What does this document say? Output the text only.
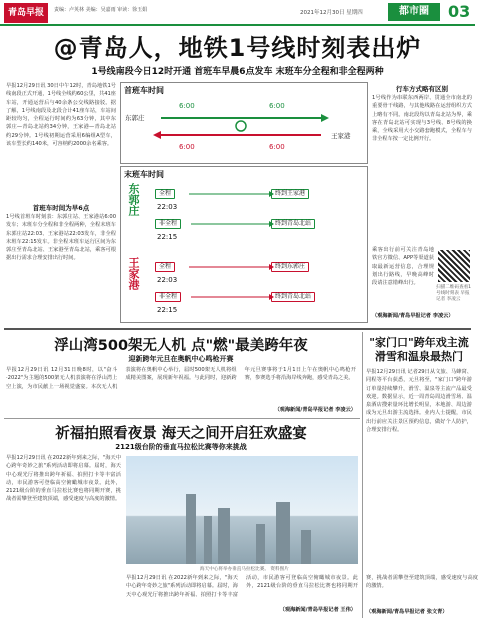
青岛早报	责编：卢英林 美编：吴嘉雨 审读：徐玉娟	2021年12月30日 星期四	都市圈	03
@青岛人，地铁1号线时刻表出炉
1号线南段今日12时开通 首班车早晨6点发车 末班车分全程和非全程两种
早报12月29日讯 30日中午12时，青岛地铁1号线南段正式开通，1号线全线约60公里，共41座车站，开通运营后与40余条公交线路接驳。据了解，1号线南段及北段合计41座车站，车站间距较均匀，全程运行时间约为63分钟，其中东郭庄—青岛北站约34分钟，王家港—青岛北站约29分钟。1号线初期运营采用6编组A型车，该车型长约140米，可容纳约2000余名乘客。
首班车时间为早6点
1号线首班车时刻表：东郭庄站、王家港站6:00发车；末班车分全程和非全程两种，全程末班车东郭庄站22:03、王家港站22:03发车，非全程末班车22:15发车。非全程末班车运行区间为东郭庄至青岛北站、王家港至青岛北站，乘客可根据出行需求合理安排出行时间。
首班车时间
东郭庄
王家港
6:00	6:00
6:00	6:00
末班车时间
东郭庄
王家港
全程
22:03
终到王家港
非全程
22:15
终到青岛北站
全程
22:03
终到东郭庄
非全程
22:15
终到青岛北站
行车方式略有区别
1号线作为串联东西两岸、贯通全市南北的重要骨干线路，与其他线路在运营组织方式上略有不同。南北段均以青岛北站为界，乘客在青岛北站可实现与3号线、8号线的换乘，全线采用大小交路套跑模式，全程车与非全程车按一定比例开行。
乘客出行前可关注青岛地铁官方微信、APP等渠道获取最新运营信息，合理规划出行路线，早晚高峰时段请注意错峰出行。
扫描二维码查看1号线时刻表 早报记者 李凌云
（观海新闻/青岛早报记者 李凌云）
浮山湾500架无人机 点"燃"最美跨年夜
迎新跨年元旦在奥帆中心鸣枪开赛
早报12月29日讯 12月31日晚8时，以"奋斗·2022"为主题的500架无人机表演将在浮山湾上空上演，为市民献上一场视觉盛宴。本次无人机表演将在奥帆中心举行，届时500架无人机将组成精美图案，展现新年祝福。与此同时，迎新跨年元旦赛事将于1月1日上午在奥帆中心鸣枪开赛，参赛选手将沿海岸线奔跑，感受青岛之美。
（观海新闻/青岛早报记者 李凌云）
祈福拍照看夜景 海天之间开启狂欢盛宴
2121级台阶的垂直马拉松比赛等你来挑战
早报12月29日讯 在2022新年到来之际，"海天中心跨年奇妙之旅"系列活动即将启幕。届时，海天中心观光厅将推出跨年祈福、拍照打卡等丰富活动，市民游客可登临高空俯瞰城市夜景。此外，2121级台阶的垂直马拉松比赛也将同期开赛，挑战者需攀登至建筑顶端，感受速度与高度的激情。
海天中心将举办垂直马拉松比赛。 资料图片
早报12月29日讯 在2022新年到来之际，"海天中心跨年奇妙之旅"系列活动即将启幕。届时，海天中心观光厅将推出跨年祈福、拍照打卡等丰富活动，市民游客可登临高空俯瞰城市夜景。此外，2121级台阶的垂直马拉松比赛也将同期开赛，挑战者需攀登至建筑顶端，感受速度与高度的激情。
（观海新闻/青岛早报记者 王伟）
"家门口"跨年戏主流滑雪和温泉最热门
早报12月29日讯 记者29日从文旅、马蜂窝、同程等平台获悉，元旦将至，"家门口"跨年游订单量持续攀升，滑雪、温泉等主流产品最受欢迎。数据显示，近一周青岛周边滑雪场、温泉酒店搜索量环比增长明显，本地游、周边游成为元旦出游主流选择。业内人士提醒，市民出行前应关注景区预约信息，做好个人防护，合理安排行程。
（观海新闻/青岛早报记者 张文青）
